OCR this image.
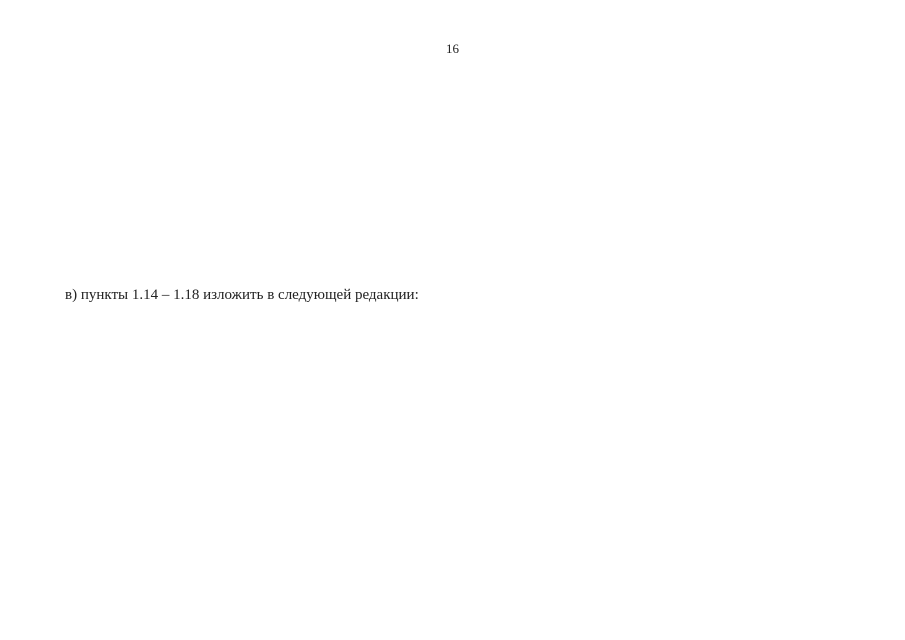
16
в) пункты 1.14 – 1.18 изложить в следующей редакции:
